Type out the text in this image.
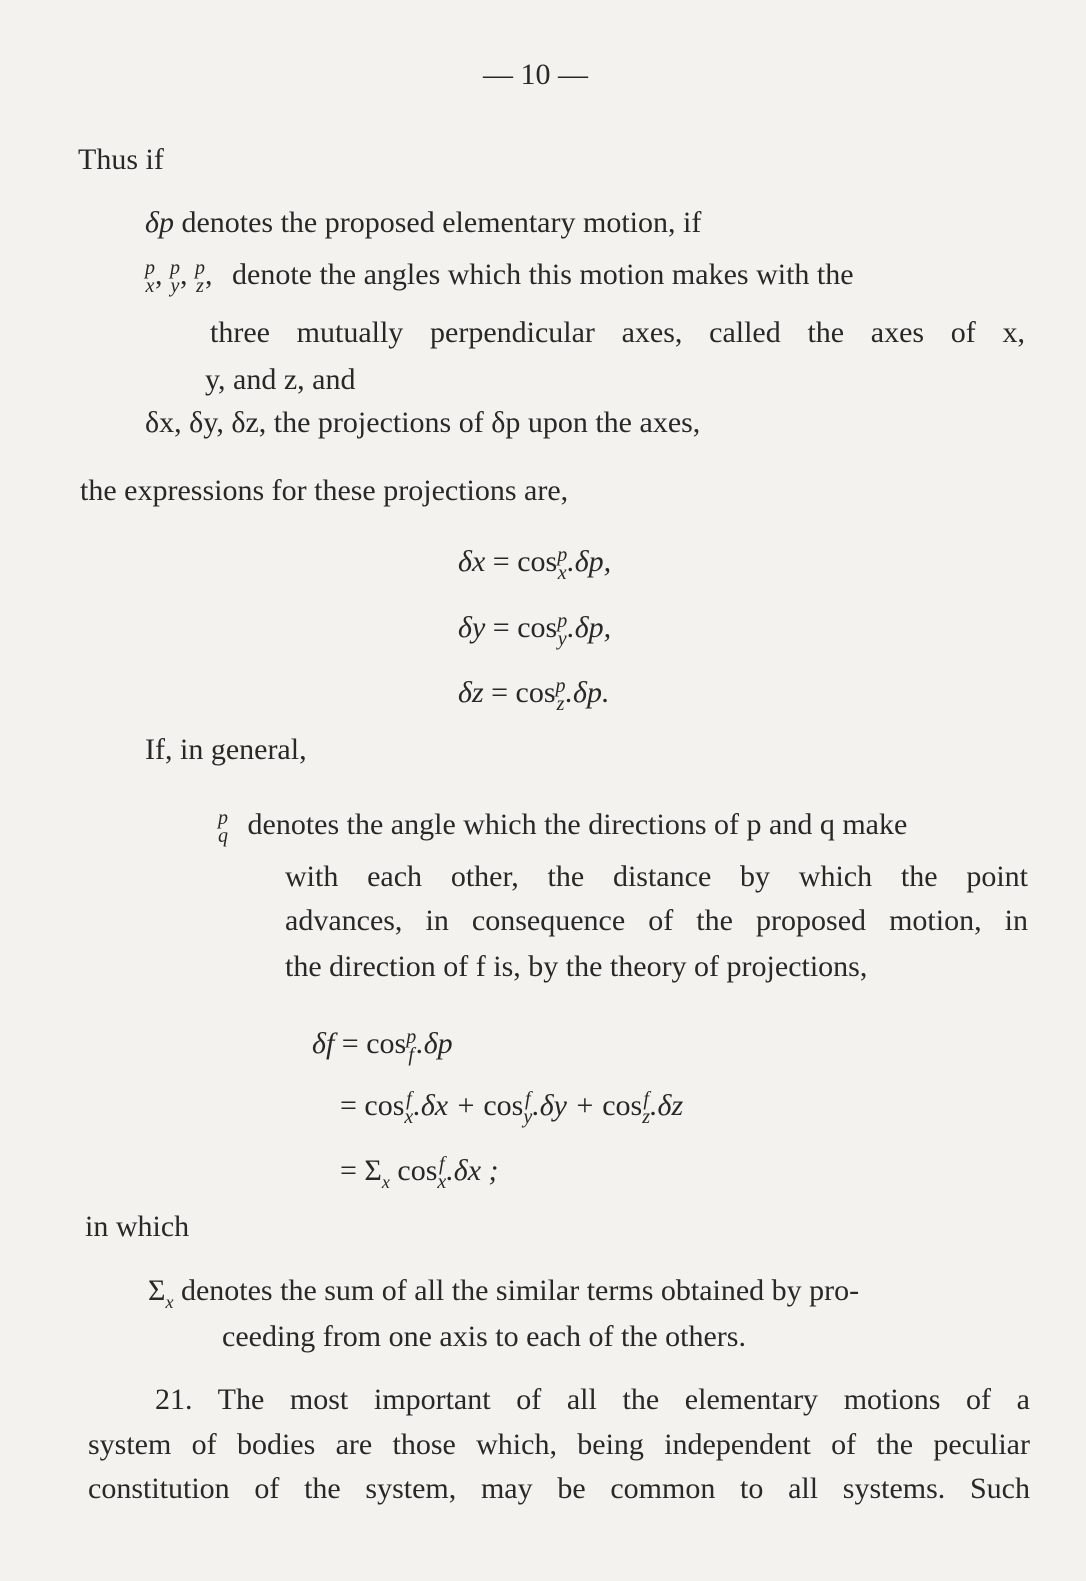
— 10 —
Thus if
δp denotes the proposed elementary motion, if
p
x , p
y , p
z , denote the angles which this motion makes with the
three mutually perpendicular axes, called the axes of x,
y, and z, and
δx, δy, δz, the projections of δp upon the axes,
the expressions for these projections are,
δx = cos p
x .δp,
δy = cos p
y .δp,
δz = cos p
z .δp.
If, in general,
p
q denotes the angle which the directions of p and q make
with each other, the distance by which the point
advances, in consequence of the proposed motion, in
the direction of f is, by the theory of projections,
δf = cos p
f .δp
= cos f
x .δx + cos f
y .δy + cos f
z .δz
= $\Sigma_x$ cos f
x .δx ;
in which
$\Sigma_x$ denotes the sum of all the similar terms obtained by pro-
ceeding from one axis to each of the others.
21. The most important of all the elementary motions of a
system of bodies are those which, being independent of the peculiar
constitution of the system, may be common to all systems. Such
